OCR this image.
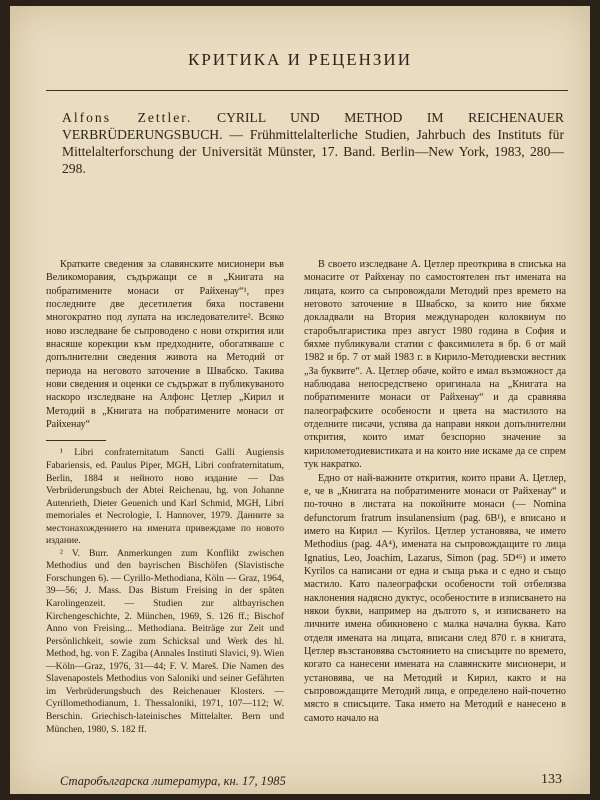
КРИТИКА И РЕЦЕНЗИИ
Alfons Zettler. CYRILL UND METHOD IM REICHENAUER VERBRÜDERUNGSBUCH. — Frühmittelalterliche Studien, Jahrbuch des Instituts für Mittelalterforschung der Universität Münster, 17. Band. Berlin—New York, 1983, 280—298.

Кратките сведения за славянските мисионери във Великоморавия, съдържащи се в „Книгата на побратимените монаси от Райхенау“¹, през последните две десетилетия бяха поставени многократно под лупата на изследователите². Всяко ново изследване бе съпроводено с нови открития или внасяше корекции към предходните, обогатяваше с допълнителни сведения живота на Методий от периода на неговото заточение в Швабско. Такива нови сведения и оценки се съдържат в публикуваното наскоро изследване на Алфонс Цетлер „Кирил и Методий в „Книгата на побратимените монаси от Райхенау“

¹ Libri confraternitatum Sancti Galli Augiensis Fabariensis, ed. Paulus Piper, MGH, Libri confraternitatum, Berlin, 1884 и нейното ново издание — Das Verbrüderungsbuch der Abtei Reichenau, hg. von Johanne Autenrieth, Dieter Geuenich und Karl Schmid, MGH, Libri memoriales et Necrologie, I. Hannover, 1979. Данните за местонахождението на имената привеждаме по новото издание.

² V. Burr. Anmerkungen zum Konflikt zwischen Methodius und den bayrischen Bischöfen (Slavistische Forschungen 6). — Cyrillo-Methodiana, Köln — Graz, 1964, 39—56; J. Mass. Das Bistum Freising in der späten Karolingenzeit. — Studien zur altbayrischen Kirchengeschichte, 2. München, 1969, S. 126 ff.; Bischof Anno von Freising... Methodiana. Beiträge zur Zeit und Persönlichkeit, sowie zum Schicksal und Werk des hl. Method, hg. von F. Zagiba (Annales Instituti Slavici, 9). Wien—Köln—Graz, 1976, 31—44; F. V. Mareš. Die Namen des Slavenapostels Methodius von Saloniki und seiner Gefährten im Verbrüderungsbuch des Reichenauer Klosters. — Cyrillomethodianum, 1. Thessaloniki, 1971, 107—112; W. Berschin. Griechisch-lateinisches Mittelalter. Bern und München, 1980, S. 182 ff.

В своето изследване А. Цетлер преоткрива в списъка на монасите от Райхенау по самостоятелен път имената на лицата, които са съпровождали Методий през времето на неговото заточение в Швабско, за които ние бяхме докладвали на Втория международен колоквиум по старобългаристика през август 1980 година в София и бяхме публикували статии с факсимилета в бр. 6 от май 1982 и бр. 7 от май 1983 г. в Кирило-Методиевски вестник „За буквите“. А. Цетлер обаче, който е имал възможност да наблюдава непосредствено оригинала на „Книгата на побратимените монаси от Райхенау“ и да сравнява палеографските особености и цвета на мастилото на отделните писачи, успява да направи някои допълнителни открития, които имат безспорно значение за кирилометодиевистиката и на които ние искаме да се спрем тук накратко.

Едно от най-важните открития, които прави А. Цетлер, е, че в „Книгата на побратимените монаси от Райхенау“ и по-точно в листата на покойните монаси (— Nomina defunctorum fratrum insulanensium (pag. 6B¹), е вписано и името на Кирил — Kyrilos. Цетлер установява, че името Methodius (pag. 4A⁴), имената на съпровождащите го лица Ignatius, Leo, Joachim, Lazarus, Simon (pag. 5D⁴⁵) и името Kyrilos са написани от една и съща ръка и с едно и също мастило. Като палеографски особености той отбелязва наклонения надясно дуктус, особеностите в изписването на някои букви, например на дългото s, и изписването на личните имена обикновено с малка начална буква. Като отделя имената на лицата, вписани след 870 г. в книгата, Цетлер възстановява състоянието на списъците по времето, когато са нанесени имената на славянските мисионери, и установява, че на Методий и Кирил, както и на съпровождащите Методий лица, е определено най-почетно място в списъците. Така името на Методий е нанесено в самото начало на

Старобългарска литература, кн. 17, 1985	133
